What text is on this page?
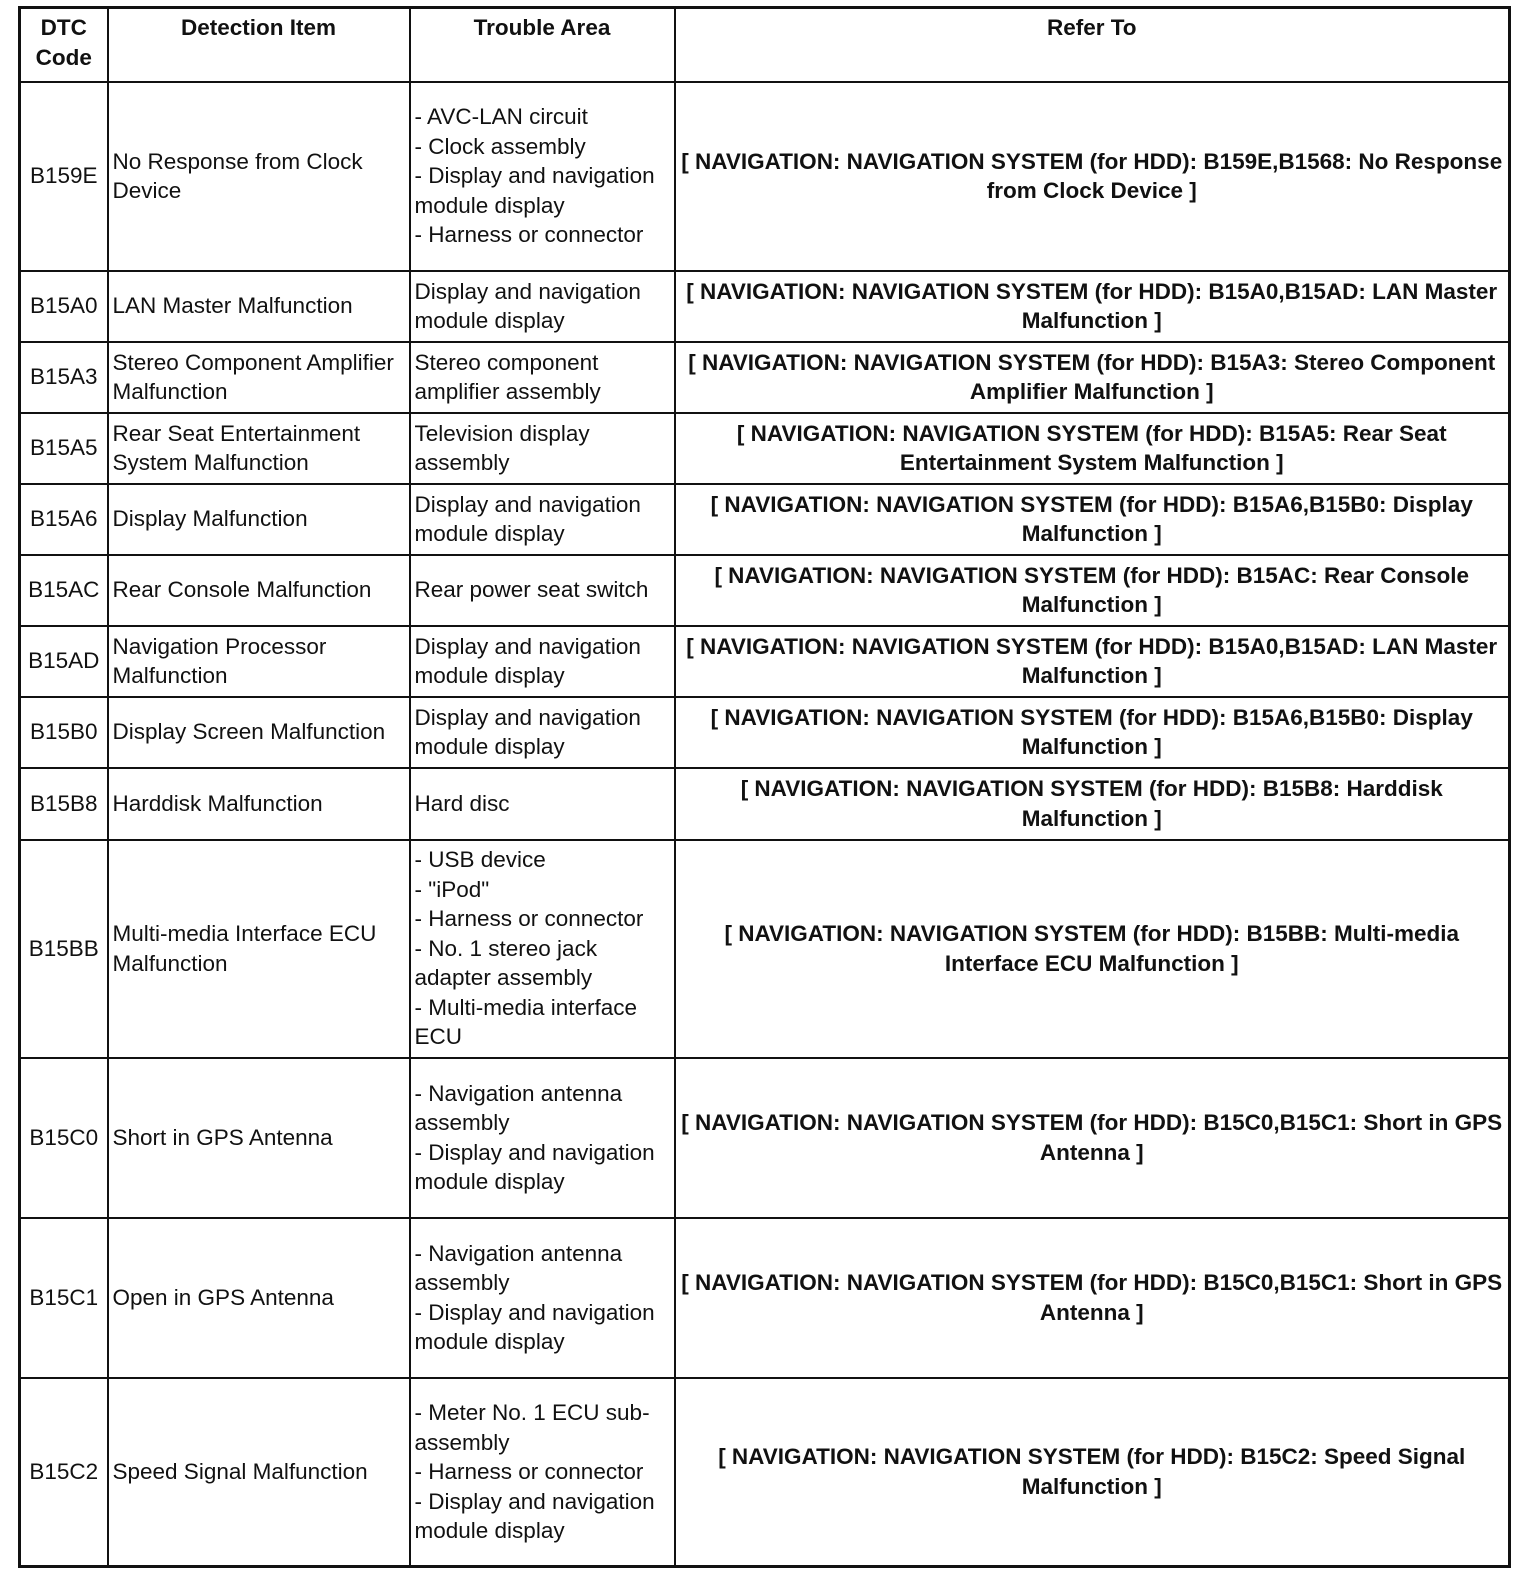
DTC Code	Detection Item	Trouble Area	Refer To
B159E	No Response from Clock Device	- AVC-LAN circuit
- Clock assembly
- Display and navigation module display
- Harness or connector	[ NAVIGATION: NAVIGATION SYSTEM (for HDD): B159E,B1568: No Response from Clock Device ]
B15A0	LAN Master Malfunction	Display and navigation module display	[ NAVIGATION: NAVIGATION SYSTEM (for HDD): B15A0,B15AD: LAN Master Malfunction ]
B15A3	Stereo Component Amplifier Malfunction	Stereo component amplifier assembly	[ NAVIGATION: NAVIGATION SYSTEM (for HDD): B15A3: Stereo Component Amplifier Malfunction ]
B15A5	Rear Seat Entertainment System Malfunction	Television display assembly	[ NAVIGATION: NAVIGATION SYSTEM (for HDD): B15A5: Rear Seat Entertainment System Malfunction ]
B15A6	Display Malfunction	Display and navigation module display	[ NAVIGATION: NAVIGATION SYSTEM (for HDD): B15A6,B15B0: Display Malfunction ]
B15AC	Rear Console Malfunction	Rear power seat switch	[ NAVIGATION: NAVIGATION SYSTEM (for HDD): B15AC: Rear Console Malfunction ]
B15AD	Navigation Processor Malfunction	Display and navigation module display	[ NAVIGATION: NAVIGATION SYSTEM (for HDD): B15A0,B15AD: LAN Master Malfunction ]
B15B0	Display Screen Malfunction	Display and navigation module display	[ NAVIGATION: NAVIGATION SYSTEM (for HDD): B15A6,B15B0: Display Malfunction ]
B15B8	Harddisk Malfunction	Hard disc	[ NAVIGATION: NAVIGATION SYSTEM (for HDD): B15B8: Harddisk Malfunction ]
B15BB	Multi-media Interface ECU Malfunction	- USB device
- "iPod"
- Harness or connector
- No. 1 stereo jack adapter assembly
- Multi-media interface ECU	[ NAVIGATION: NAVIGATION SYSTEM (for HDD): B15BB: Multi-media Interface ECU Malfunction ]
B15C0	Short in GPS Antenna	- Navigation antenna assembly
- Display and navigation module display	[ NAVIGATION: NAVIGATION SYSTEM (for HDD): B15C0,B15C1: Short in GPS Antenna ]
B15C1	Open in GPS Antenna	- Navigation antenna assembly
- Display and navigation module display	[ NAVIGATION: NAVIGATION SYSTEM (for HDD): B15C0,B15C1: Short in GPS Antenna ]
B15C2	Speed Signal Malfunction	- Meter No. 1 ECU sub-assembly
- Harness or connector
- Display and navigation module display	[ NAVIGATION: NAVIGATION SYSTEM (for HDD): B15C2: Speed Signal Malfunction ]
